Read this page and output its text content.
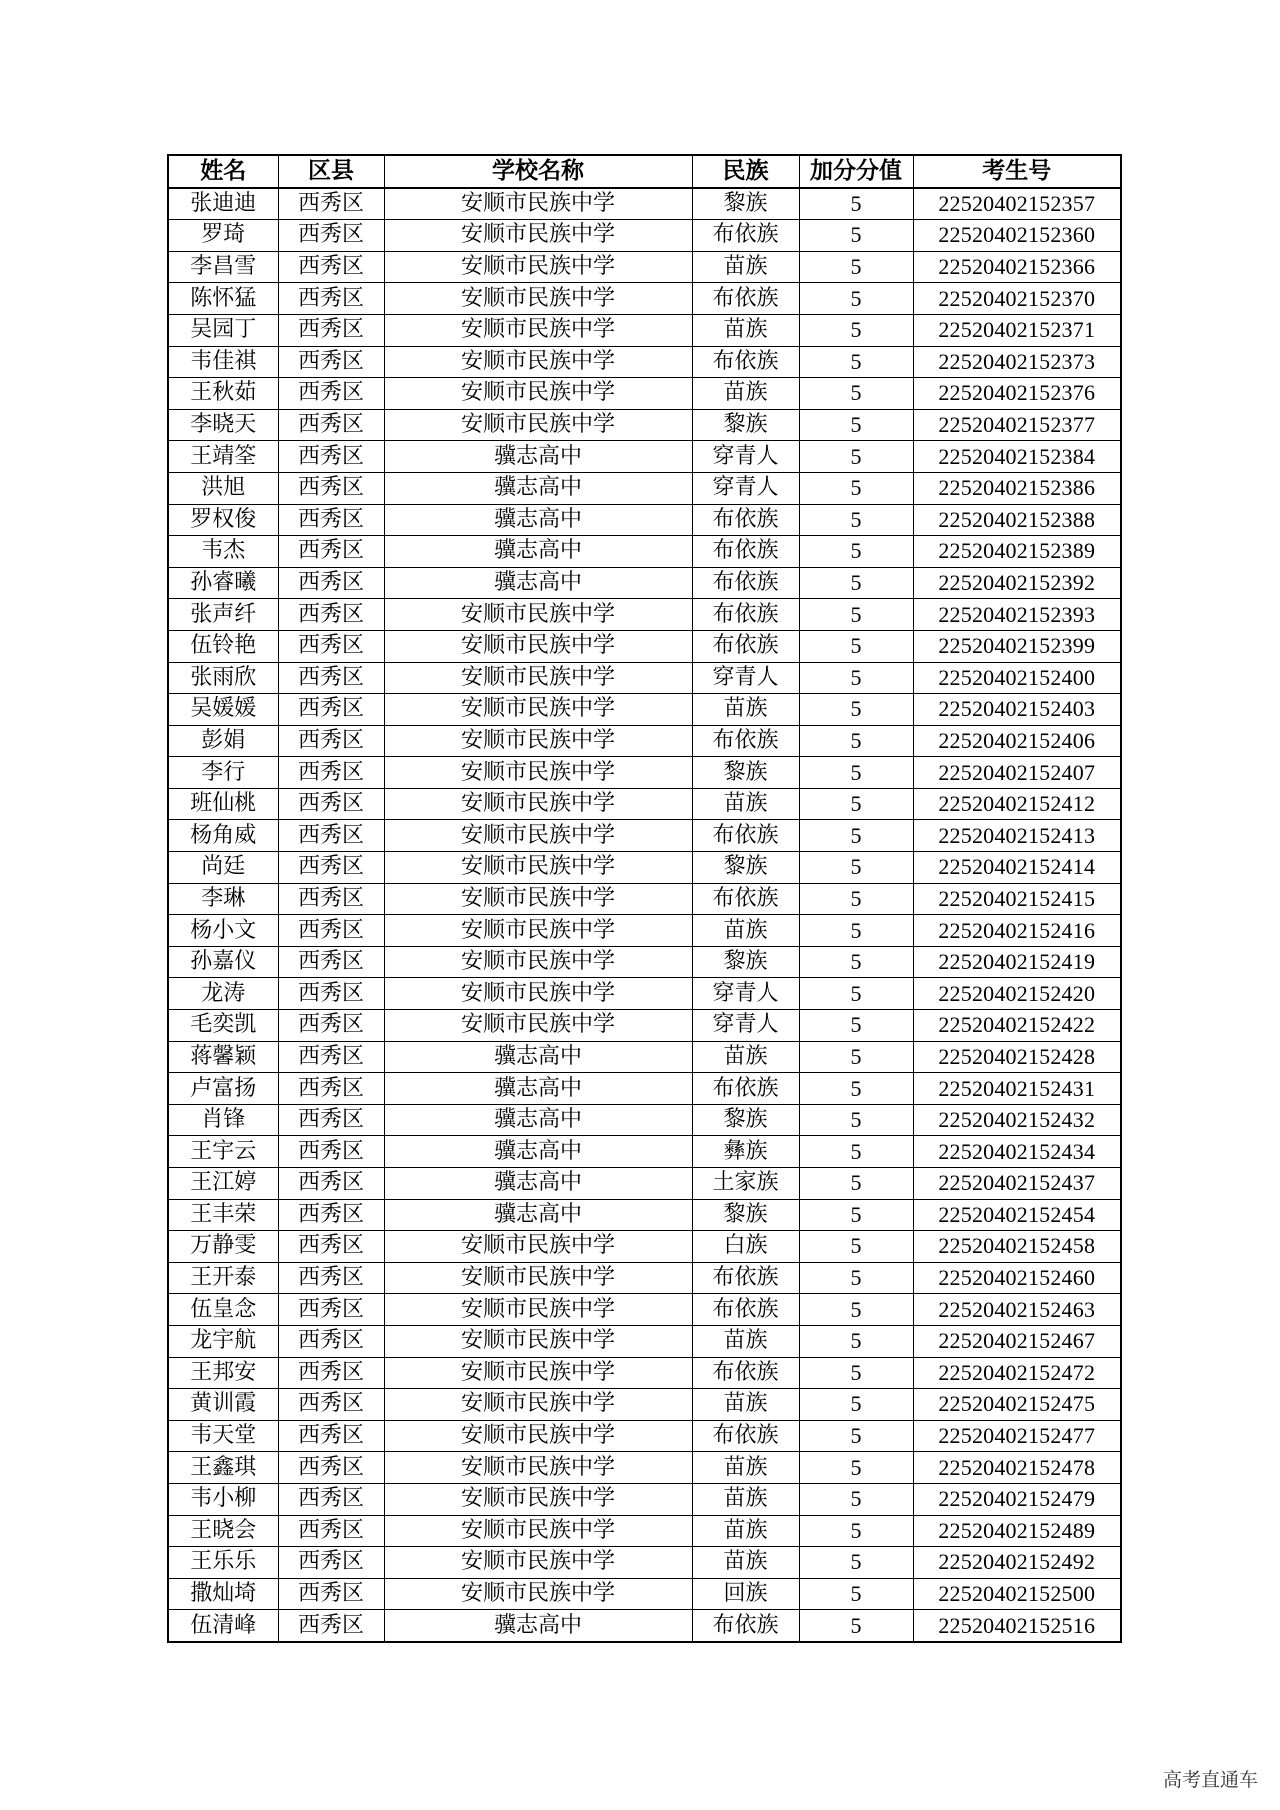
姓名	区县	学校名称	民族	加分分值	考生号
张迪迪	西秀区	安顺市民族中学	黎族	5	22520402152357
罗琦	西秀区	安顺市民族中学	布依族	5	22520402152360
李昌雪	西秀区	安顺市民族中学	苗族	5	22520402152366
陈怀猛	西秀区	安顺市民族中学	布依族	5	22520402152370
吴园丁	西秀区	安顺市民族中学	苗族	5	22520402152371
韦佳祺	西秀区	安顺市民族中学	布依族	5	22520402152373
王秋茹	西秀区	安顺市民族中学	苗族	5	22520402152376
李晓天	西秀区	安顺市民族中学	黎族	5	22520402152377
王靖筌	西秀区	骥志高中	穿青人	5	22520402152384
洪旭	西秀区	骥志高中	穿青人	5	22520402152386
罗权俊	西秀区	骥志高中	布依族	5	22520402152388
韦杰	西秀区	骥志高中	布依族	5	22520402152389
孙睿曦	西秀区	骥志高中	布依族	5	22520402152392
张声纤	西秀区	安顺市民族中学	布依族	5	22520402152393
伍铃艳	西秀区	安顺市民族中学	布依族	5	22520402152399
张雨欣	西秀区	安顺市民族中学	穿青人	5	22520402152400
吴媛媛	西秀区	安顺市民族中学	苗族	5	22520402152403
彭娟	西秀区	安顺市民族中学	布依族	5	22520402152406
李行	西秀区	安顺市民族中学	黎族	5	22520402152407
班仙桃	西秀区	安顺市民族中学	苗族	5	22520402152412
杨角威	西秀区	安顺市民族中学	布依族	5	22520402152413
尚廷	西秀区	安顺市民族中学	黎族	5	22520402152414
李琳	西秀区	安顺市民族中学	布依族	5	22520402152415
杨小文	西秀区	安顺市民族中学	苗族	5	22520402152416
孙嘉仪	西秀区	安顺市民族中学	黎族	5	22520402152419
龙涛	西秀区	安顺市民族中学	穿青人	5	22520402152420
毛奕凯	西秀区	安顺市民族中学	穿青人	5	22520402152422
蒋馨颖	西秀区	骥志高中	苗族	5	22520402152428
卢富扬	西秀区	骥志高中	布依族	5	22520402152431
肖锋	西秀区	骥志高中	黎族	5	22520402152432
王宇云	西秀区	骥志高中	彝族	5	22520402152434
王江婷	西秀区	骥志高中	土家族	5	22520402152437
王丰荣	西秀区	骥志高中	黎族	5	22520402152454
万静雯	西秀区	安顺市民族中学	白族	5	22520402152458
王开泰	西秀区	安顺市民族中学	布依族	5	22520402152460
伍皇念	西秀区	安顺市民族中学	布依族	5	22520402152463
龙宇航	西秀区	安顺市民族中学	苗族	5	22520402152467
王邦安	西秀区	安顺市民族中学	布依族	5	22520402152472
黄训霞	西秀区	安顺市民族中学	苗族	5	22520402152475
韦天堂	西秀区	安顺市民族中学	布依族	5	22520402152477
王鑫琪	西秀区	安顺市民族中学	苗族	5	22520402152478
韦小柳	西秀区	安顺市民族中学	苗族	5	22520402152479
王晓会	西秀区	安顺市民族中学	苗族	5	22520402152489
王乐乐	西秀区	安顺市民族中学	苗族	5	22520402152492
撒灿埼	西秀区	安顺市民族中学	回族	5	22520402152500
伍清峰	西秀区	骥志高中	布依族	5	22520402152516
高考直通车
